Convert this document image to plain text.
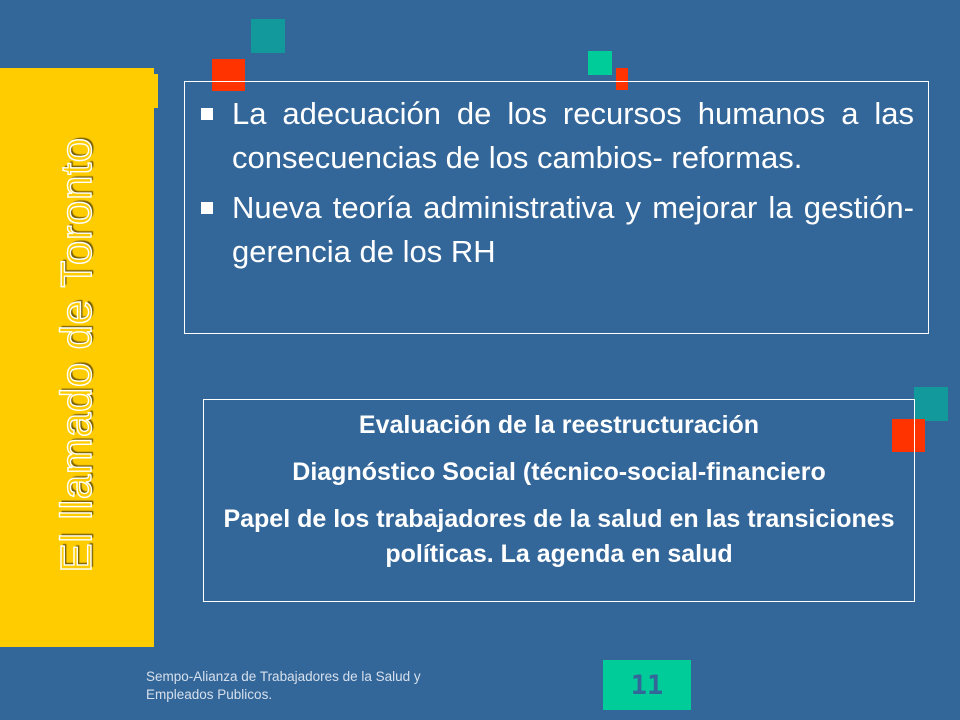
El llamado de Toronto
La adecuación de los recursos humanos a las consecuencias de los cambios- reformas.
Nueva teoría administrativa y mejorar la gestión- gerencia de los RH

Evaluación de la reestructuración

Diagnóstico Social (técnico-social-financiero

Papel de los trabajadores de la salud en las transiciones políticas. La agenda en salud

Sempo-Alianza de Trabajadores de la Salud y Empleados Publicos.	11
